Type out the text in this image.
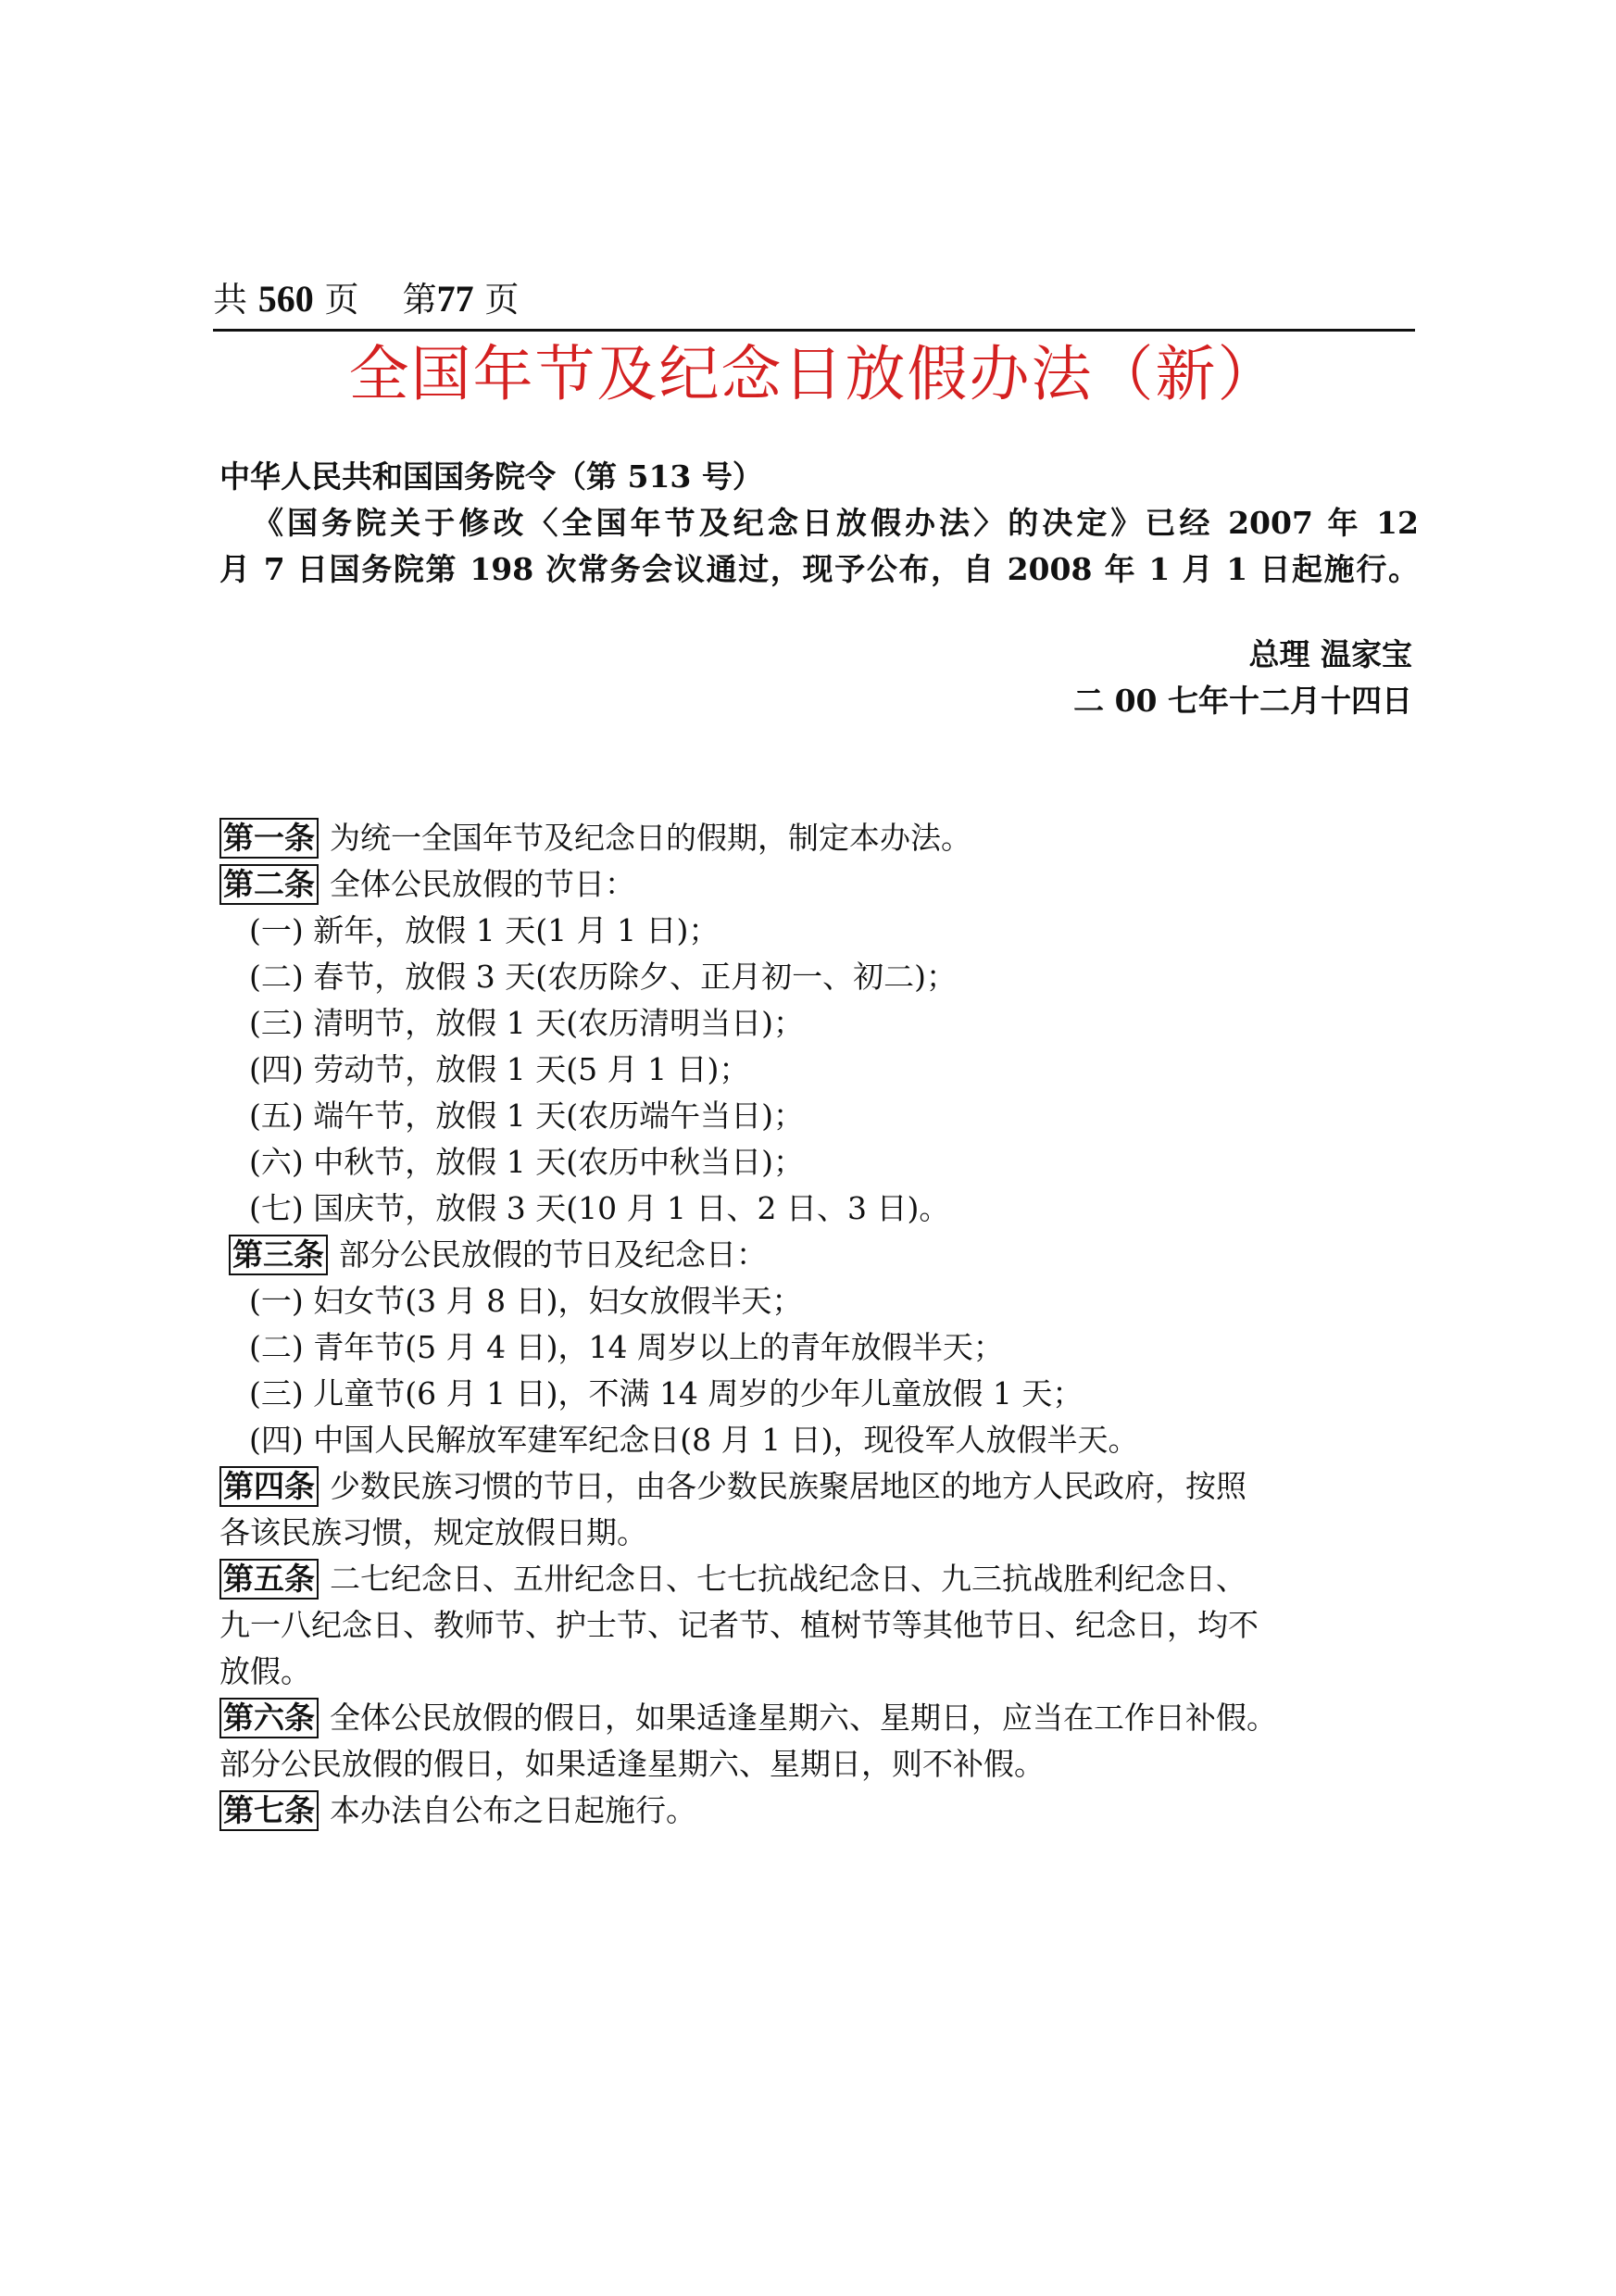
共 560 页 第77 页
全国年节及纪念日放假办法（新）
中华人民共和国国务院令（第 513 号）
《国务院关于修改〈全国年节及纪念日放假办法〉的决定》已经 2007 年 12
月 7 日国务院第 198 次常务会议通过，现予公布，自 2008 年 1 月 1 日起施行。
总理 温家宝
二 00 七年十二月十四日
第一条 为统一全国年节及纪念日的假期，制定本办法。
第二条 全体公民放假的节日：
(一) 新年，放假 1 天(1 月 1 日)；
(二) 春节，放假 3 天(农历除夕、正月初一、初二)；
(三) 清明节，放假 1 天(农历清明当日)；
(四) 劳动节，放假 1 天(5 月 1 日)；
(五) 端午节，放假 1 天(农历端午当日)；
(六) 中秋节，放假 1 天(农历中秋当日)；
(七) 国庆节，放假 3 天(10 月 1 日、2 日、3 日)。
第三条 部分公民放假的节日及纪念日：
(一) 妇女节(3 月 8 日)，妇女放假半天；
(二) 青年节(5 月 4 日)，14 周岁以上的青年放假半天；
(三) 儿童节(6 月 1 日)，不满 14 周岁的少年儿童放假 1 天；
(四) 中国人民解放军建军纪念日(8 月 1 日)，现役军人放假半天。
第四条 少数民族习惯的节日，由各少数民族聚居地区的地方人民政府，按照
各该民族习惯，规定放假日期。
第五条 二七纪念日、五卅纪念日、七七抗战纪念日、九三抗战胜利纪念日、
九一八纪念日、教师节、护士节、记者节、植树节等其他节日、纪念日，均不
放假。
第六条 全体公民放假的假日，如果适逢星期六、星期日，应当在工作日补假。
部分公民放假的假日，如果适逢星期六、星期日，则不补假。
第七条 本办法自公布之日起施行。
